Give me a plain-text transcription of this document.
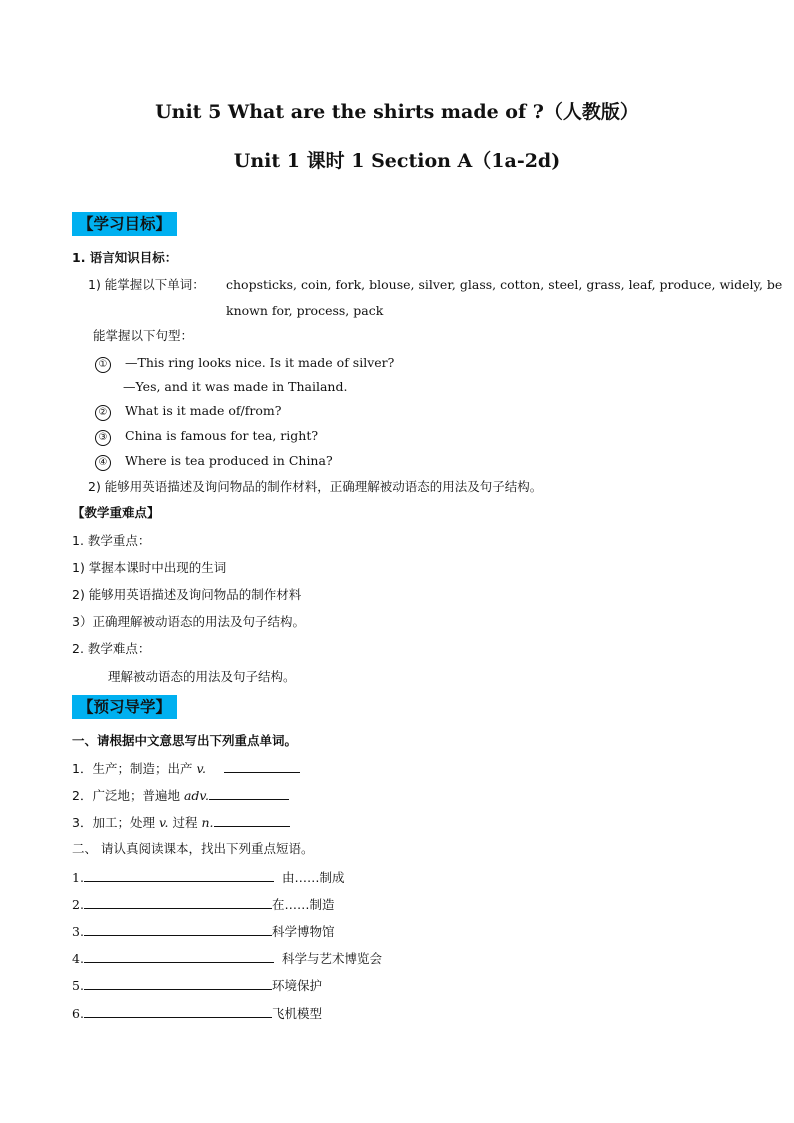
Unit 5 What are the shirts made of ?（人教版）
Unit 1 课时 1 Section A（1a-2d)
【学习目标】
1. 语言知识目标：
1) 能掌握以下单词： chopsticks, coin, fork, blouse, silver, glass, cotton, steel, grass, leaf, produce, widely, be
known for, process, pack
能掌握以下句型：
① —This ring looks nice. Is it made of silver?
—Yes, and it was made in Thailand.
② What is it made of/from?
③ China is famous for tea, right?
④ Where is tea produced in China?
2) 能够用英语描述及询问物品的制作材料，正确理解被动语态的用法及句子结构。
【教学重难点】
1. 教学重点：
1) 掌握本课时中出现的生词
2) 能够用英语描述及询问物品的制作材料
3）正确理解被动语态的用法及句子结构。
2. 教学难点：
理解被动语态的用法及句子结构。
【预习导学】
一、请根据中文意思写出下列重点单词。
1．生产；制造；出产 v.
2．广泛地；普遍地 adv.
3．加工；处理 v. 过程 n.
二、 请认真阅读课本，找出下列重点短语。
1.	由……制成
2.	在……制造
3.	科学博物馆
4.	科学与艺术博览会
5.	环境保护
6.	飞机模型
